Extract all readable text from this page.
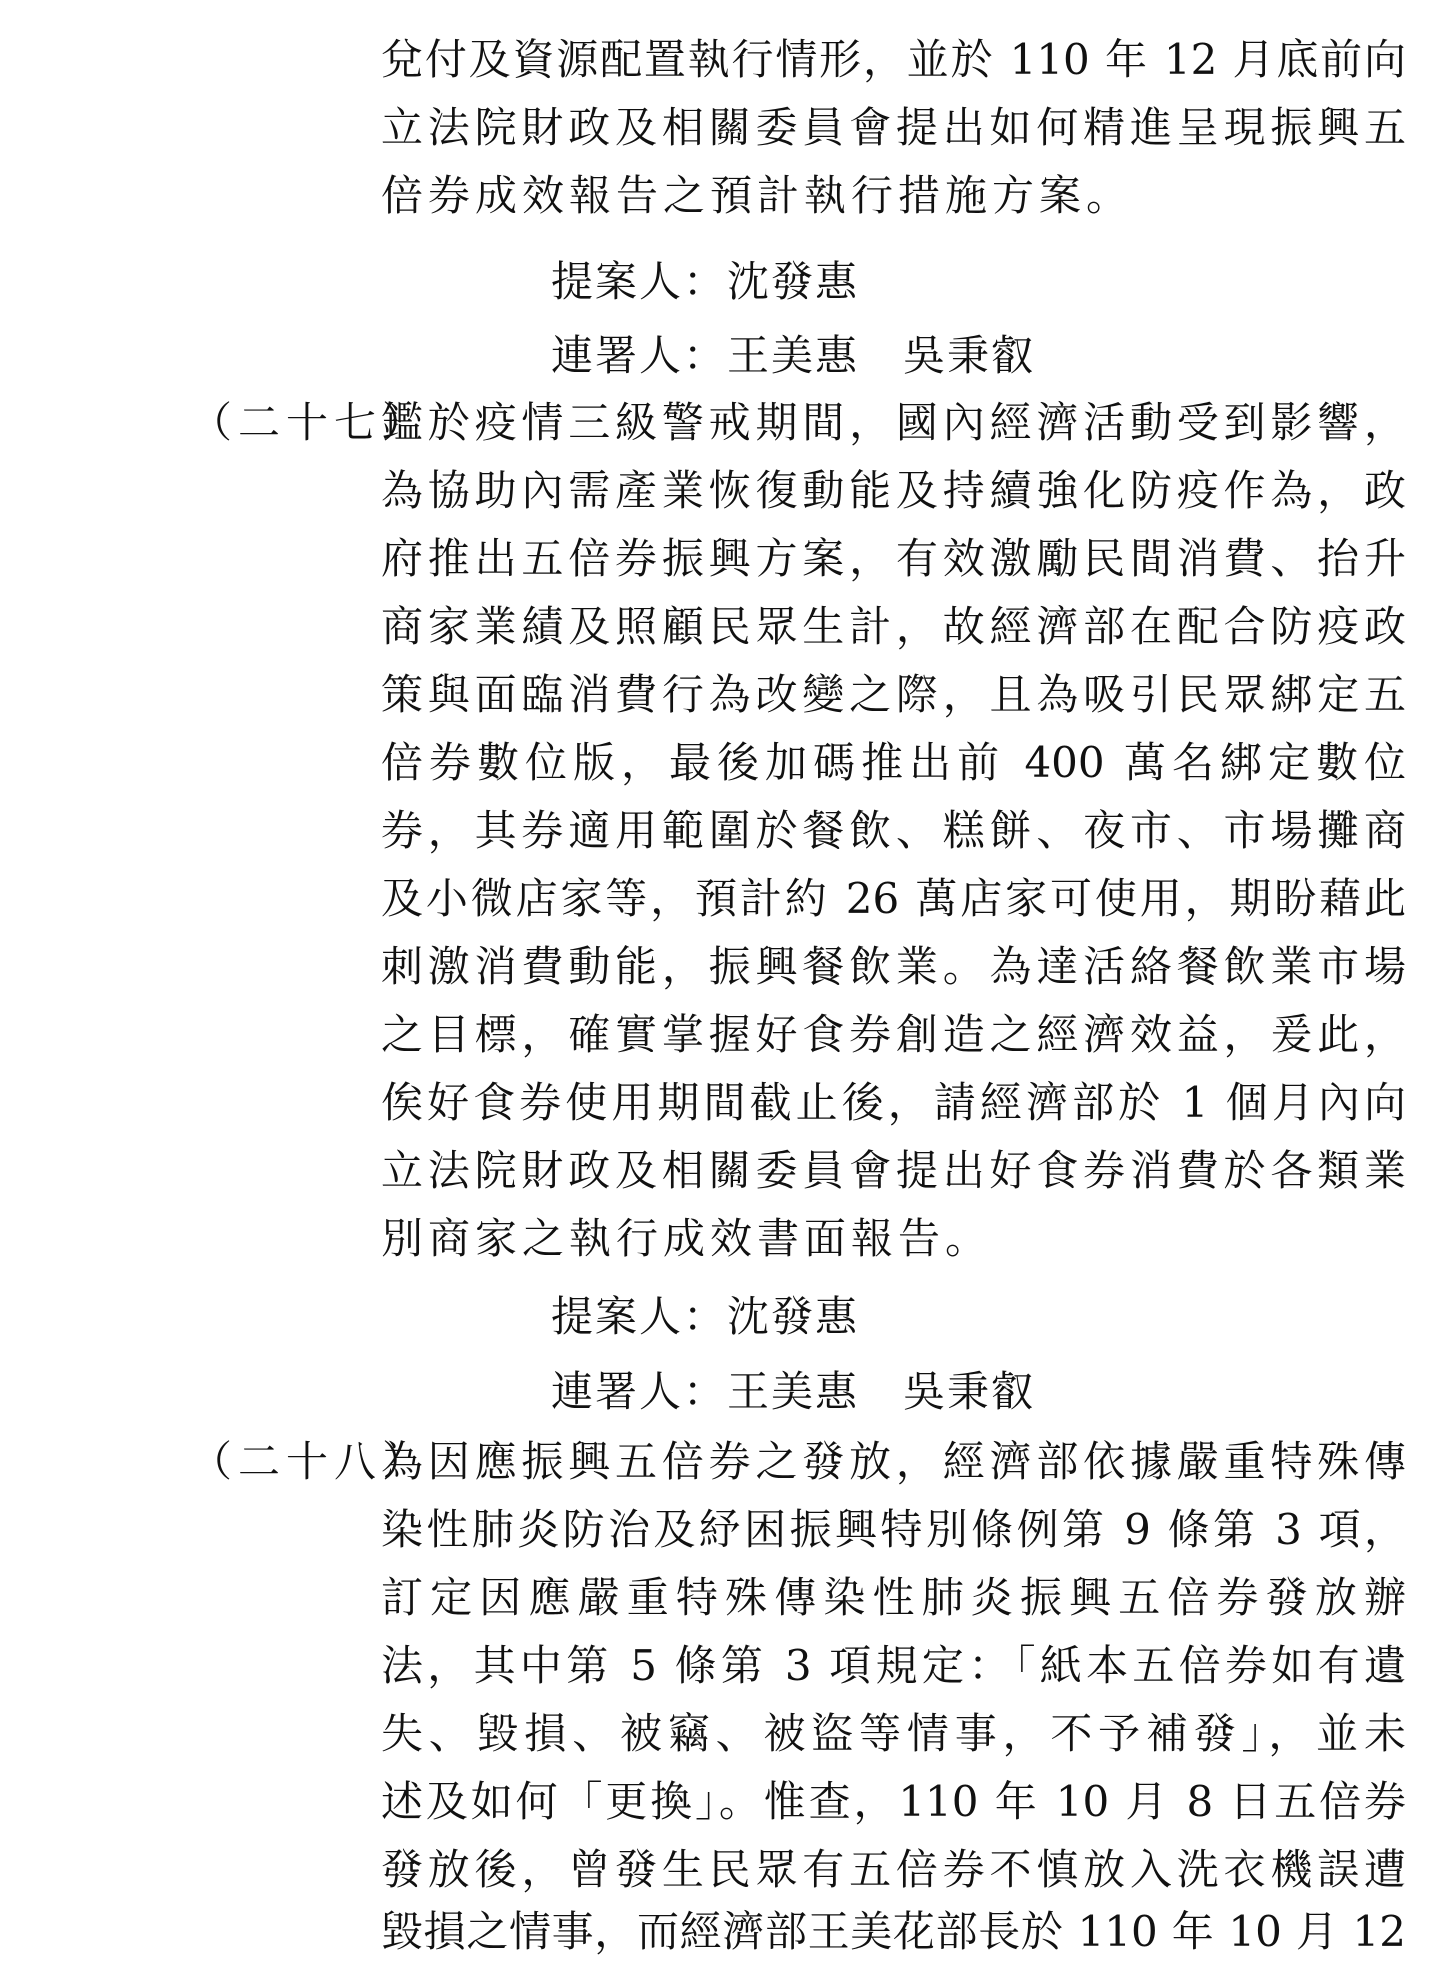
兌付及資源配置執行情形，並於 110 年 12 月底前向
立法院財政及相關委員會提出如何精進呈現振興五
倍券成效報告之預計執行措施方案。
提案人：沈發惠
連署人：王美惠　吳秉叡
（二十七）
鑑於疫情三級警戒期間，國內經濟活動受到影響，
為協助內需產業恢復動能及持續強化防疫作為，政
府推出五倍券振興方案，有效激勵民間消費、抬升
商家業績及照顧民眾生計，故經濟部在配合防疫政
策與面臨消費行為改變之際，且為吸引民眾綁定五
倍券數位版，最後加碼推出前 400 萬名綁定數位
券，其券適用範圍於餐飲、糕餅、夜市、市場攤商
及小微店家等，預計約 26 萬店家可使用，期盼藉此
刺激消費動能，振興餐飲業。為達活絡餐飲業市場
之目標，確實掌握好食券創造之經濟效益，爰此，
俟好食券使用期間截止後，請經濟部於 1 個月內向
立法院財政及相關委員會提出好食券消費於各類業
別商家之執行成效書面報告。
提案人：沈發惠
連署人：王美惠　吳秉叡
（二十八）
為因應振興五倍券之發放，經濟部依據嚴重特殊傳
染性肺炎防治及紓困振興特別條例第 9 條第 3 項，
訂定因應嚴重特殊傳染性肺炎振興五倍券發放辦
法，其中第 5 條第 3 項規定：「紙本五倍券如有遺
失、毀損、被竊、被盜等情事，不予補發」，並未
述及如何「更換」。惟查，110 年 10 月 8 日五倍券
發放後，曾發生民眾有五倍券不慎放入洗衣機誤遭
毀損之情事，而經濟部王美花部長於 110 年 10 月 12
